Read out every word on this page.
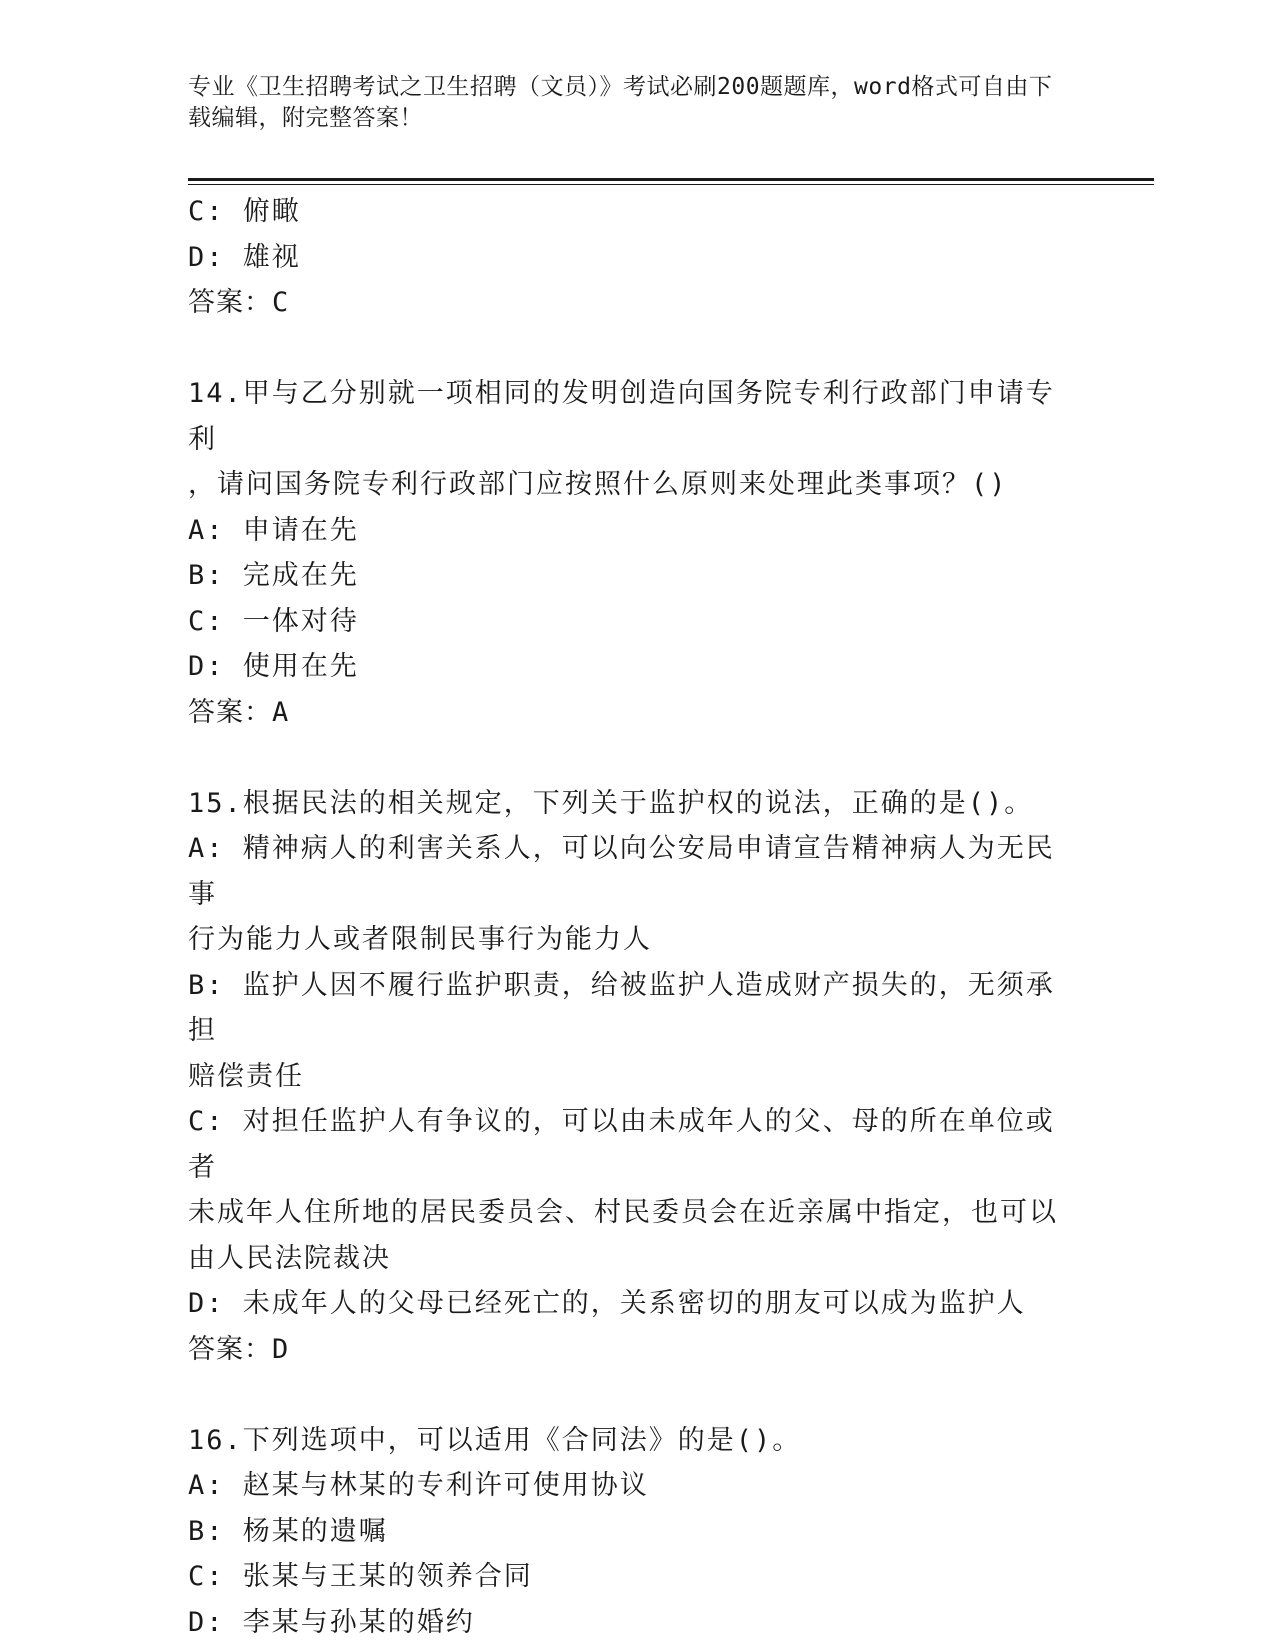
专业《卫生招聘考试之卫生招聘（文员）》考试必刷200题题库，word格式可自由下载编辑，附完整答案！
C: 俯瞰
D: 雄视
答案：C
14.甲与乙分别就一项相同的发明创造向国务院专利行政部门申请专利
，请问国务院专利行政部门应按照什么原则来处理此类事项？()
A: 申请在先
B: 完成在先
C: 一体对待
D: 使用在先
答案：A
15.根据民法的相关规定，下列关于监护权的说法，正确的是()。
A: 精神病人的利害关系人，可以向公安局申请宣告精神病人为无民事
行为能力人或者限制民事行为能力人
B: 监护人因不履行监护职责，给被监护人造成财产损失的，无须承担
赔偿责任
C: 对担任监护人有争议的，可以由未成年人的父、母的所在单位或者
未成年人住所地的居民委员会、村民委员会在近亲属中指定，也可以
由人民法院裁决
D: 未成年人的父母已经死亡的，关系密切的朋友可以成为监护人
答案：D
16.下列选项中，可以适用《合同法》的是()。
A: 赵某与林某的专利许可使用协议
B: 杨某的遗嘱
C: 张某与王某的领养合同
D: 李某与孙某的婚约
